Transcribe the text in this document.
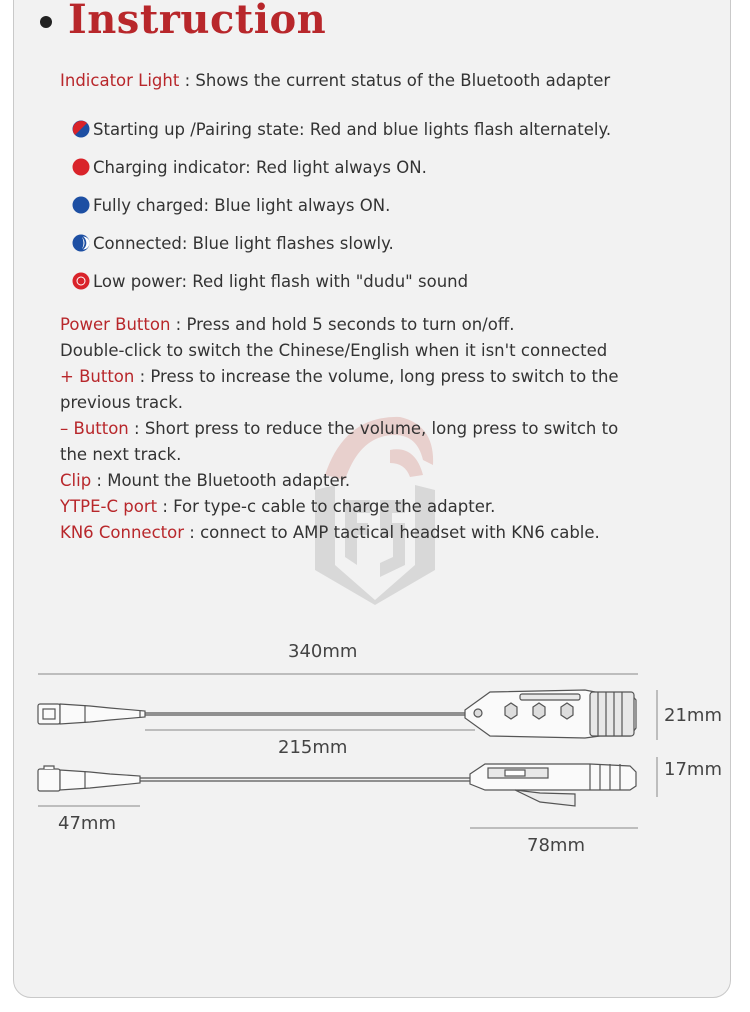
Instruction
Indicator Light : Shows the current status of the Bluetooth adapter
Starting up /Pairing state: Red and blue lights flash alternately.
Charging indicator: Red light always ON.
Fully charged: Blue light always ON.
Connected: Blue light flashes slowly.
Low power: Red light flash with "dudu" sound
Power Button : Press and hold 5 seconds to turn on/off.
Double-click to switch the Chinese/English when it isn't connected
+ Button : Press to increase the volume, long press to switch to the
previous track.
– Button : Short press to reduce the volume, long press to switch to
the next track.
Clip : Mount the Bluetooth adapter.
YTPE-C port : For type-c cable to charge the adapter.
KN6 Connector : connect to AMP tactical headset with KN6 cable.
340mm
215mm
47mm
78mm
21mm
17mm
